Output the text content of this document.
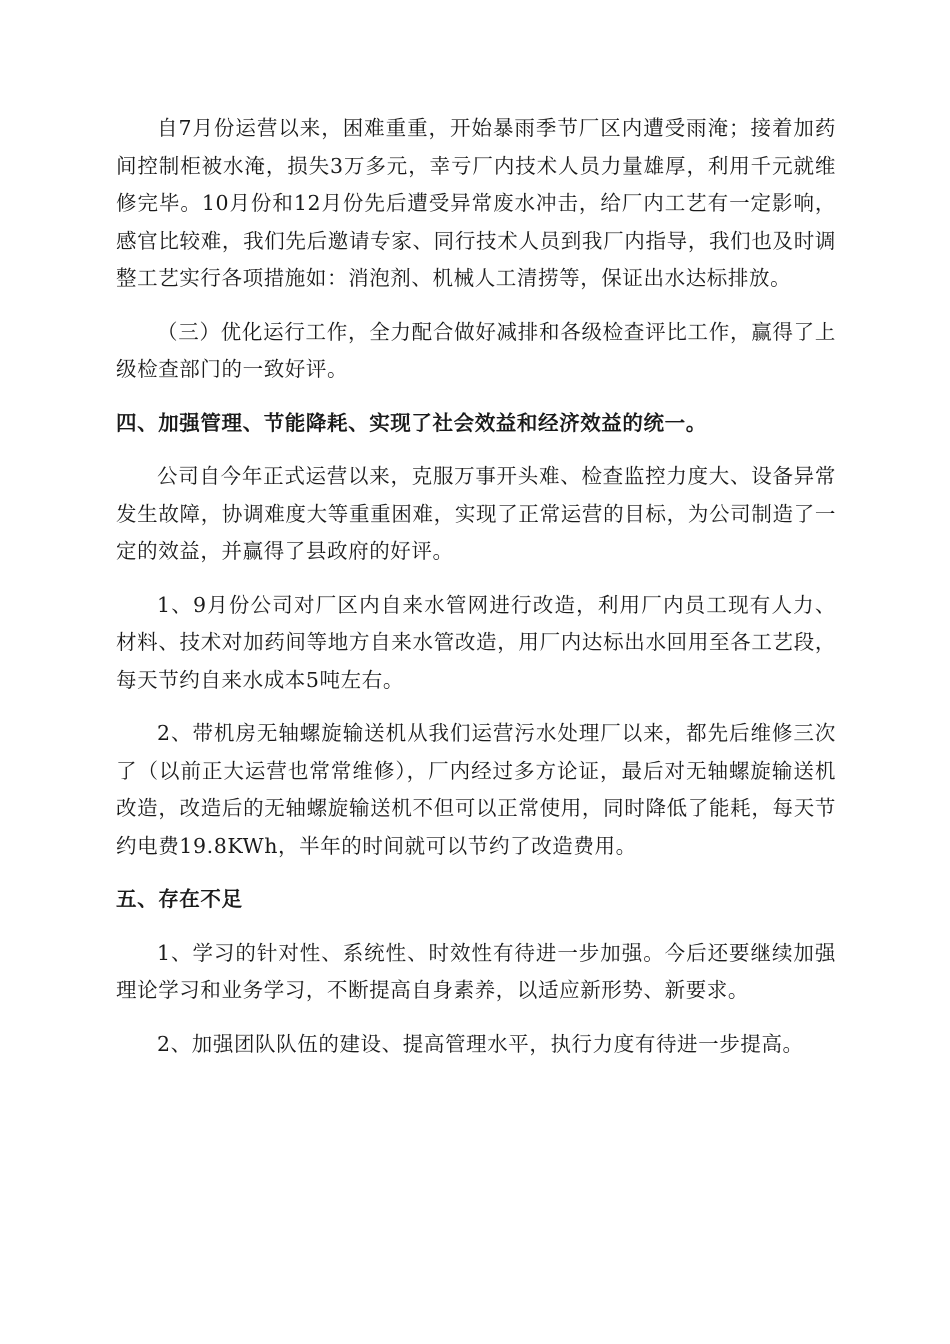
自7月份运营以来，困难重重，开始暴雨季节厂区内遭受雨淹；接着加药间控制柜被水淹，损失3万多元，幸亏厂内技术人员力量雄厚，利用千元就维修完毕。10月份和12月份先后遭受异常废水冲击，给厂内工艺有一定影响，感官比较难，我们先后邀请专家、同行技术人员到我厂内指导，我们也及时调整工艺实行各项措施如：消泡剂、机械人工清捞等，保证出水达标排放。

（三）优化运行工作，全力配合做好减排和各级检查评比工作，赢得了上级检查部门的一致好评。

四、加强管理、节能降耗、实现了社会效益和经济效益的统一。

公司自今年正式运营以来，克服万事开头难、检查监控力度大、设备异常发生故障，协调难度大等重重困难，实现了正常运营的目标，为公司制造了一定的效益，并赢得了县政府的好评。

1、9月份公司对厂区内自来水管网进行改造，利用厂内员工现有人力、材料、技术对加药间等地方自来水管改造，用厂内达标出水回用至各工艺段，每天节约自来水成本5吨左右。

2、带机房无轴螺旋输送机从我们运营污水处理厂以来，都先后维修三次了（以前正大运营也常常维修），厂内经过多方论证，最后对无轴螺旋输送机改造，改造后的无轴螺旋输送机不但可以正常使用，同时降低了能耗，每天节约电费19.8KWh，半年的时间就可以节约了改造费用。

五、存在不足

1、学习的针对性、系统性、时效性有待进一步加强。今后还要继续加强理论学习和业务学习，不断提高自身素养，以适应新形势、新要求。

2、加强团队队伍的建设、提高管理水平，执行力度有待进一步提高。
